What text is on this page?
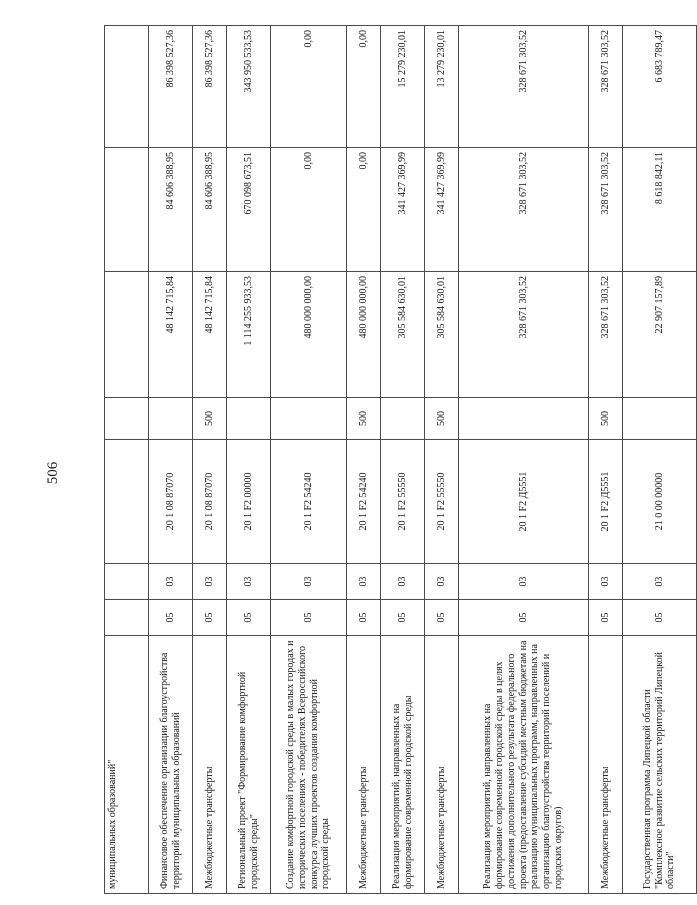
506
муниципальных образований"							
Финансовое обеспечение организации благоустройства территорий муниципальных образований	05	03	20 1 08 87070		48 142 715,84	84 606 388,95	86 398 527,36
Межбюджетные трансферты	05	03	20 1 08 87070	500	48 142 715,84	84 606 388,95	86 398 527,36
Региональный проект "Формирование комфортной городской среды"	05	03	20 1 F2 00000		1 114 255 933,53	670 098 673,51	343 950 533,53
Создание комфортной городской среды в малых городах и исторических поселениях - победителях Всероссийского конкурса лучших проектов создания комфортной городской среды	05	03	20 1 F2 54240		480 000 000,00	0,00	0,00
Межбюджетные трансферты	05	03	20 1 F2 54240	500	480 000 000,00	0,00	0,00
Реализация мероприятий, направленных на формирование современной городской среды	05	03	20 1 F2 55550		305 584 630,01	341 427 369,99	15 279 230,01
Межбюджетные трансферты	05	03	20 1 F2 55550	500	305 584 630,01	341 427 369,99	13 279 230,01
Реализация мероприятий, направленных на формирование современной городской среды в целях достижения дополнительного результата федерального проекта (предоставление субсидий местным бюджетам на реализацию муниципальных программ, направленных на организацию благоустройства территорий поселений и городских округов)	05	03	20 1 F2 Д5551		328 671 303,52	328 671 303,52	328 671 303,52
Межбюджетные трансферты	05	03	20 1 F2 Д5551	500	328 671 303,52	328 671 303,52	328 671 303,52
Государственная программа Липецкой области "Комплексное развитие сельских территорий Липецкой области"	05	03	21 0 00 00000		22 907 157,89	8 618 842,11	6 683 789,47
